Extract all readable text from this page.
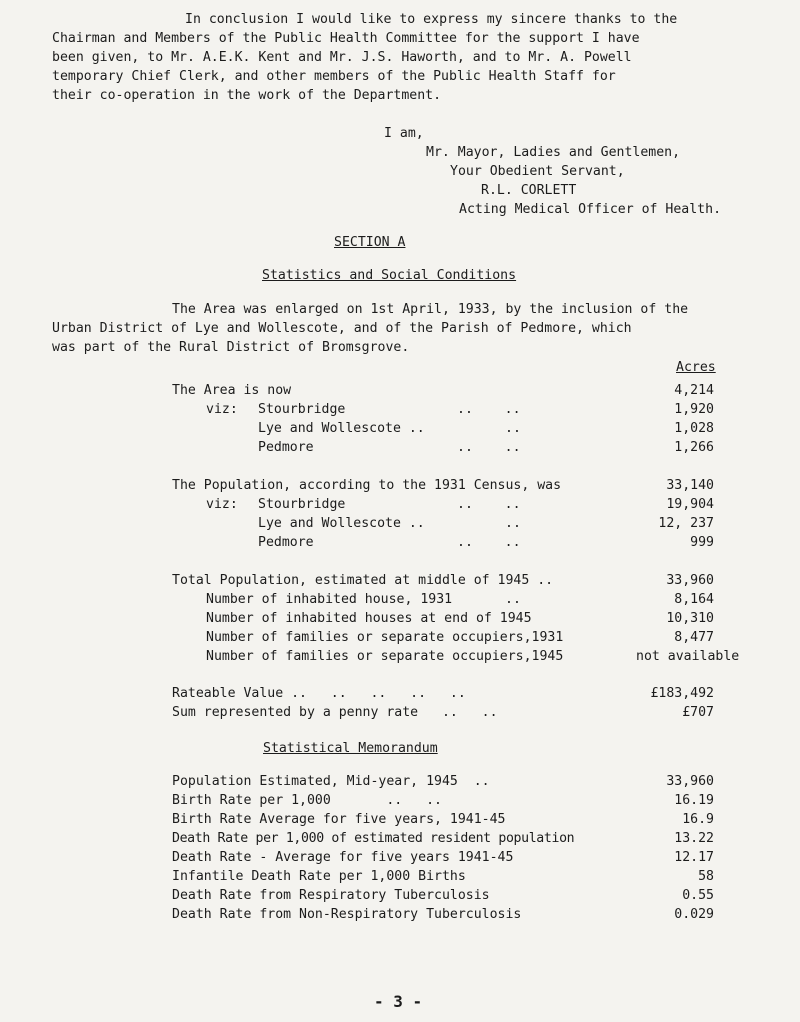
In conclusion I would like to express my sincere thanks to the
Chairman and Members of the Public Health Committee for the support I have
been given, to Mr. A.E.K. Kent and Mr. J.S. Haworth, and to Mr. A. Powell
temporary Chief Clerk, and other members of the Public Health Staff for
their co-operation in the work of the Department.
I am,
Mr. Mayor, Ladies and Gentlemen,
Your Obedient Servant,
R.L. CORLETT
Acting Medical Officer of Health.
SECTION A
Statistics and Social Conditions
The Area was enlarged on 1st April, 1933, by the inclusion of the
Urban District of Lye and Wollescote, and of the Parish of Pedmore, which
was part of the Rural District of Bromsgrove.
Acres
The Area is now	4,214
viz: Stourbridge	..    ..	1,920
Lye and Wollescote ..	..	1,028
Pedmore	..    ..	1,266
The Population, according to the 1931 Census, was	33,140
viz: Stourbridge	..    ..	19,904
Lye and Wollescote ..	..	12, 237
Pedmore	..    ..	999
Total Population, estimated at middle of 1945 ..	33,960
Number of inhabited house, 1931	..	8,164
Number of inhabited houses at end of 1945	10,310
Number of families or separate occupiers,1931	8,477
Number of families or separate occupiers,1945	not available
Rateable Value ..   ..   ..   ..   ..	£183,492
Sum represented by a penny rate   ..   ..	£707
Statistical Memorandum
Population Estimated, Mid-year, 1945  ..	33,960
Birth Rate per 1,000       ..   ..	16.19
Birth Rate Average for five years, 1941-45	16.9
Death Rate per 1,000 of estimated resident population	13.22
Death Rate - Average for five years 1941-45	12.17
Infantile Death Rate per 1,000 Births	58
Death Rate from Respiratory Tuberculosis	0.55
Death Rate from Non-Respiratory Tuberculosis	0.029
- 3 -
